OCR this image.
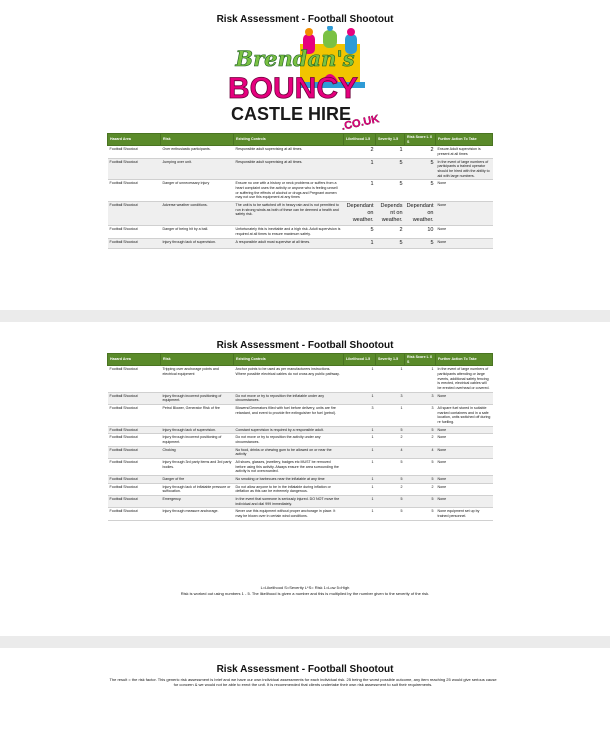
Risk Assessment - Football Shootout
Brendan's
BOUNCY
CASTLE HIRE
.CO.UK
Hazard Area	Risk	Existing Controls	Likelihood 1-5	Severity 1-5	Risk Score L X S	Further Action To Take
Football Shootout	Over enthusiastic participants.	Responsible adult supervising at all times.	2	1	2	Ensure Adult supervision is present at all times
Football Shootout	Jumping over unit.	Responsible adult supervising at all times.	1	5	5	In the event of large numbers of participants a trained operator should be hired with the ability to aid with large numbers.
Football Shootout	Danger of unnecessary injury	Ensure no one with a history or neck problems or suffers from a heart complaint uses the activity or anyone who is feeling unwell or suffering the effects of alcohol or drugs and Pregnant women may not use this equipment at any times	1	5	5	None
Football Shootout	Adverse weather conditions.	The unit is to be switched off in heavy rain and is not permitted to run in strong winds as both of these can be deemed a health and safety risk.	Dependant on weather.	Depends nt on weather.	Dependant on weather.	None
Football Shootout	Danger of being hit by a ball.	Unfortunately this is inevitable and a high risk. Adult supervision is required at all times to ensure maximum safety.	5	2	10	None
Football Shootout	Injury through lack of supervision.	A responsible adult must supervise at all times.	1	5	5	None
Risk Assessment - Football Shootout
Hazard Area	Risk	Existing Controls	Likelihood 1-5	Severity 1-5	Risk Score L X S	Further Action To Take
Football Shootout	Tripping over anchorage points and electrical equipment	Anchor points to be used as per manufacturers instructions. Where possible electrical cables do not cross any public pathway.	1	1	1	In the event of large numbers of participants attending or large events, additional safety fencing is erected, electrical cables will be erected overhead or covered.
Football Shootout	Injury through incorrect positioning of equipment.	Do not move or try to reposition the inflatable under any circumstances.	1	3	3	None
Football Shootout	Petrol Blower, Generator Risk of fire	Blowers/Generators filled with fuel before delivery, units are fire retardant, and event to provide fire extinguisher for fuel (petrol).	3	1	3	All spare fuel stored in suitable marked containers and in a safe location, units switched off during re fuelling.
Football Shootout	Injury through lack of supervision.	Constant supervision is required by a responsible adult.	1	5	5	None
Football Shootout	Injury through incorrect positioning of equipment.	Do not move or try to reposition the activity under any circumstances.	1	2	2	None
Football Shootout	Choking	No food, drinks or chewing gum to be allowed on or near the activity	1	4	4	None
Football Shootout	Injury through 3rd party items and 3rd party bodies.	All shoes, glasses, jewellery, badges etc MUST be removed before using this activity. Always ensure the area surrounding the activity is not overcrowded.	1	5	5	None
Football Shootout	Danger of fire	No smoking or barbecues near the inflatable at any time	1	5	5	None
Football Shootout	Injury through lack of inflatable pressure or suffocation.	Do not allow anyone to be in the inflatable during inflation or deflation as this can be extremely dangerous.	1	2	2	None
Football Shootout	Emergency.	In the event that someone is seriously injured. DO NOT move the individual and dial 999 immediately.	1	5	5	None
Football Shootout	Injury through measure anchorage.	Never use this equipment without proper anchorage in place. It may be blown over in certain wind conditions.	1	5	5	None equipment set up by trained personnel.
L=Likelihood S=Severity L*S= Risk 1=Low 5=High
Risk is worked out using numbers 1 - 5. The likelihood is given a number and this is multiplied by the number given to the severity of the risk.
Risk Assessment - Football Shootout
The result = the risk factor. This generic risk assessment is brief and we have our own individual assessments for each individual risk. 25 being the worst possible outcome, any item reaching 25 would give serious cause for concern & we would not be able to erect the unit. It is recommended that clients undertake their own risk assessment to suit their requirements.
